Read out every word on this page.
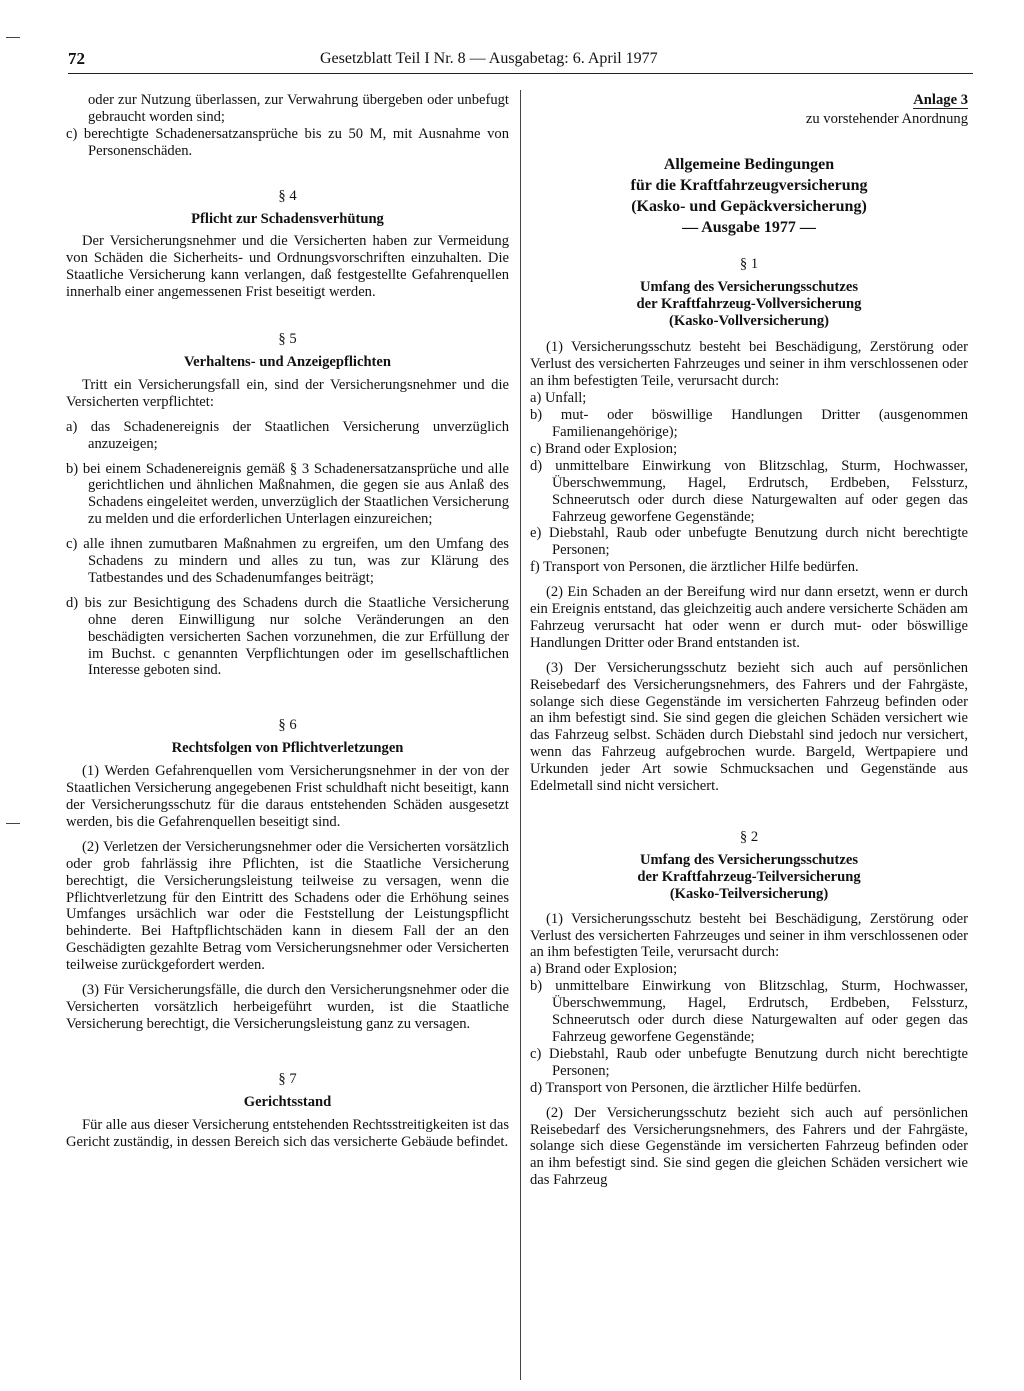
72	Gesetzblatt Teil I Nr. 8 — Ausgabetag: 6. April 1977

oder zur Nutzung überlassen, zur Verwahrung übergeben oder unbefugt gebraucht worden sind;

c) berechtigte Schadenersatzansprüche bis zu 50 M, mit Ausnahme von Personenschäden.

§ 4

Pflicht zur Schadensverhütung

Der Versicherungsnehmer und die Versicherten haben zur Vermeidung von Schäden die Sicherheits- und Ordnungsvorschriften einzuhalten. Die Staatliche Versicherung kann verlangen, daß festgestellte Gefahrenquellen innerhalb einer angemessenen Frist beseitigt werden.

§ 5

Verhaltens- und Anzeigepflichten

Tritt ein Versicherungsfall ein, sind der Versicherungsnehmer und die Versicherten verpflichtet:

a) das Schadenereignis der Staatlichen Versicherung unverzüglich anzuzeigen;

b) bei einem Schadenereignis gemäß § 3 Schadenersatzansprüche und alle gerichtlichen und ähnlichen Maßnahmen, die gegen sie aus Anlaß des Schadens eingeleitet werden, unverzüglich der Staatlichen Versicherung zu melden und die erforderlichen Unterlagen einzureichen;

c) alle ihnen zumutbaren Maßnahmen zu ergreifen, um den Umfang des Schadens zu mindern und alles zu tun, was zur Klärung des Tatbestandes und des Schadenumfanges beiträgt;

d) bis zur Besichtigung des Schadens durch die Staatliche Versicherung ohne deren Einwilligung nur solche Veränderungen an den beschädigten versicherten Sachen vorzunehmen, die zur Erfüllung der im Buchst. c genannten Verpflichtungen oder im gesellschaftlichen Interesse geboten sind.

§ 6

Rechtsfolgen von Pflichtverletzungen

(1) Werden Gefahrenquellen vom Versicherungsnehmer in der von der Staatlichen Versicherung angegebenen Frist schuldhaft nicht beseitigt, kann der Versicherungsschutz für die daraus entstehenden Schäden ausgesetzt werden, bis die Gefahrenquellen beseitigt sind.

(2) Verletzen der Versicherungsnehmer oder die Versicherten vorsätzlich oder grob fahrlässig ihre Pflichten, ist die Staatliche Versicherung berechtigt, die Versicherungsleistung teilweise zu versagen, wenn die Pflichtverletzung für den Eintritt des Schadens oder die Erhöhung seines Umfanges ursächlich war oder die Feststellung der Leistungspflicht behinderte. Bei Haftpflichtschäden kann in diesem Fall der an den Geschädigten gezahlte Betrag vom Versicherungsnehmer oder Versicherten teilweise zurückgefordert werden.

(3) Für Versicherungsfälle, die durch den Versicherungsnehmer oder die Versicherten vorsätzlich herbeigeführt wurden, ist die Staatliche Versicherung berechtigt, die Versicherungsleistung ganz zu versagen.

§ 7

Gerichtsstand

Für alle aus dieser Versicherung entstehenden Rechtsstreitigkeiten ist das Gericht zuständig, in dessen Bereich sich das versicherte Gebäude befindet.

Anlage 3

zu vorstehender Anordnung

Allgemeine Bedingungen
für die Kraftfahrzeugversicherung
(Kasko- und Gepäckversicherung)
— Ausgabe 1977 —

§ 1

Umfang des Versicherungsschutzes
der Kraftfahrzeug-Vollversicherung
(Kasko-Vollversicherung)

(1) Versicherungsschutz besteht bei Beschädigung, Zerstörung oder Verlust des versicherten Fahrzeuges und seiner in ihm verschlossenen oder an ihm befestigten Teile, verursacht durch:

a) Unfall;

b) mut- oder böswillige Handlungen Dritter (ausgenommen Familienangehörige);

c) Brand oder Explosion;

d) unmittelbare Einwirkung von Blitzschlag, Sturm, Hochwasser, Überschwemmung, Hagel, Erdrutsch, Erdbeben, Felssturz, Schneerutsch oder durch diese Naturgewalten auf oder gegen das Fahrzeug geworfene Gegenstände;

e) Diebstahl, Raub oder unbefugte Benutzung durch nicht berechtigte Personen;

f) Transport von Personen, die ärztlicher Hilfe bedürfen.

(2) Ein Schaden an der Bereifung wird nur dann ersetzt, wenn er durch ein Ereignis entstand, das gleichzeitig auch andere versicherte Schäden am Fahrzeug verursacht hat oder wenn er durch mut- oder böswillige Handlungen Dritter oder Brand entstanden ist.

(3) Der Versicherungsschutz bezieht sich auch auf persönlichen Reisebedarf des Versicherungsnehmers, des Fahrers und der Fahrgäste, solange sich diese Gegenstände im versicherten Fahrzeug befinden oder an ihm befestigt sind. Sie sind gegen die gleichen Schäden versichert wie das Fahrzeug selbst. Schäden durch Diebstahl sind jedoch nur versichert, wenn das Fahrzeug aufgebrochen wurde. Bargeld, Wertpapiere und Urkunden jeder Art sowie Schmucksachen und Gegenstände aus Edelmetall sind nicht versichert.

§ 2

Umfang des Versicherungsschutzes
der Kraftfahrzeug-Teilversicherung
(Kasko-Teilversicherung)

(1) Versicherungsschutz besteht bei Beschädigung, Zerstörung oder Verlust des versicherten Fahrzeuges und seiner in ihm verschlossenen oder an ihm befestigten Teile, verursacht durch:

a) Brand oder Explosion;

b) unmittelbare Einwirkung von Blitzschlag, Sturm, Hochwasser, Überschwemmung, Hagel, Erdrutsch, Erdbeben, Felssturz, Schneerutsch oder durch diese Naturgewalten auf oder gegen das Fahrzeug geworfene Gegenstände;

c) Diebstahl, Raub oder unbefugte Benutzung durch nicht berechtigte Personen;

d) Transport von Personen, die ärztlicher Hilfe bedürfen.

(2) Der Versicherungsschutz bezieht sich auch auf persönlichen Reisebedarf des Versicherungsnehmers, des Fahrers und der Fahrgäste, solange sich diese Gegenstände im versicherten Fahrzeug befinden oder an ihm befestigt sind. Sie sind gegen die gleichen Schäden versichert wie das Fahrzeug
